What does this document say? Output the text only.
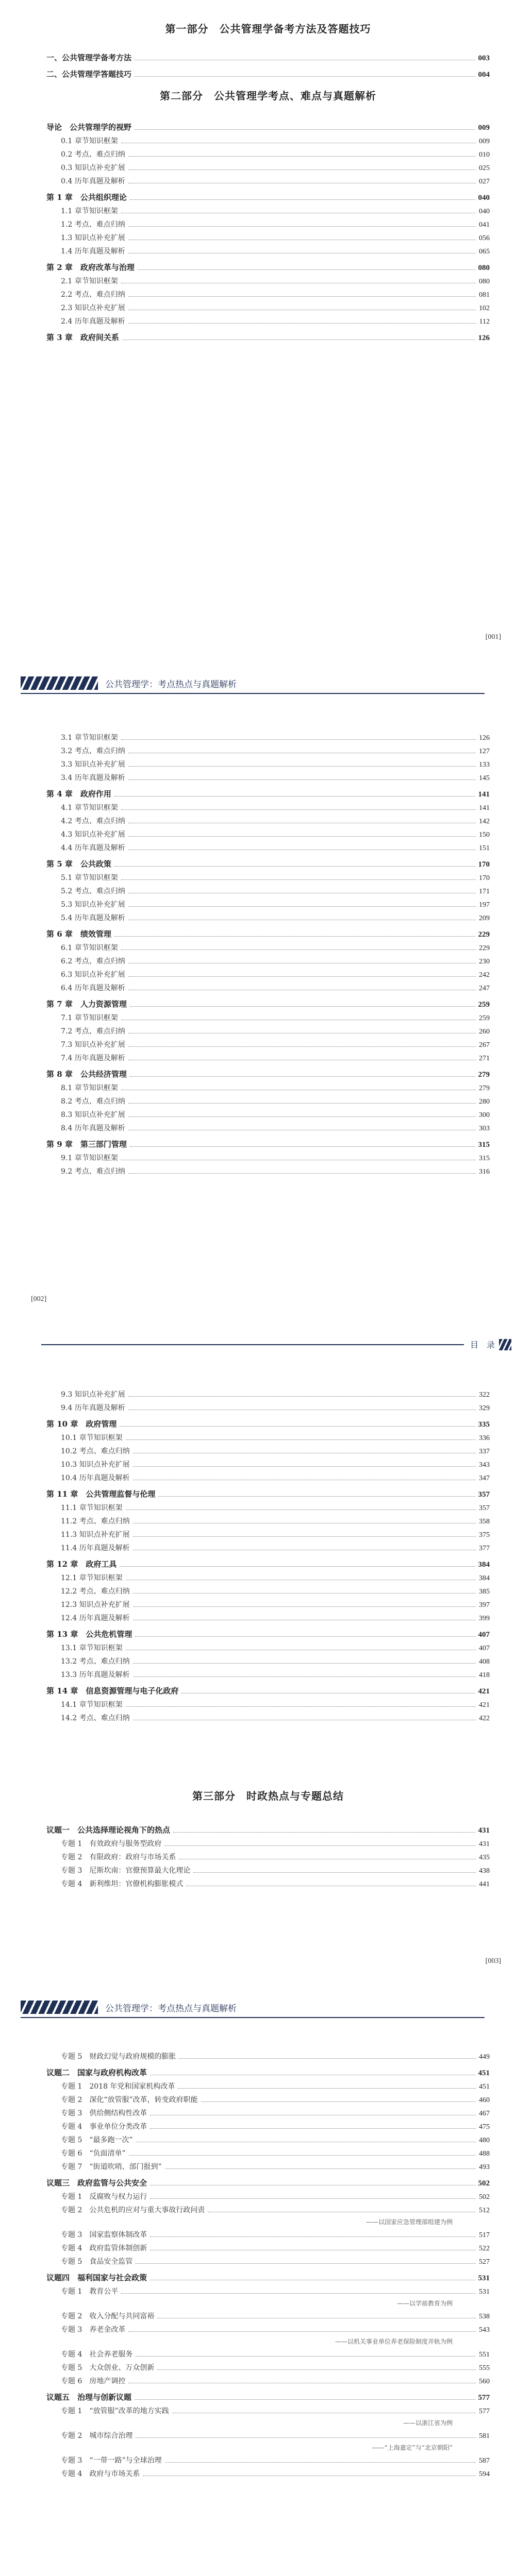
第一部分　公共管理学备考方法及答题技巧
一、公共管理学备考方法	003
二、公共管理学答题技巧	004
第二部分　公共管理学考点、难点与真题解析
导论　公共管理学的视野	009
0.1 章节知识框架	009
0.2 考点、难点归纳	010
0.3 知识点补充扩展	025
0.4 历年真题及解析	027
第 1 章　公共组织理论	040
1.1 章节知识框架	040
1.2 考点、难点归纳	041
1.3 知识点补充扩展	056
1.4 历年真题及解析	065
第 2 章　政府改革与治理	080
2.1 章节知识框架	080
2.2 考点、难点归纳	081
2.3 知识点补充扩展	102
2.4 历年真题及解析	112
第 3 章　政府间关系	126
[001]
公共管理学：考点热点与真题解析
3.1 章节知识框架	126
3.2 考点、难点归纳	127
3.3 知识点补充扩展	133
3.4 历年真题及解析	145
第 4 章　政府作用	141
4.1 章节知识框架	141
4.2 考点、难点归纳	142
4.3 知识点补充扩展	150
4.4 历年真题及解析	151
第 5 章　公共政策	170
5.1 章节知识框架	170
5.2 考点、难点归纳	171
5.3 知识点补充扩展	197
5.4 历年真题及解析	209
第 6 章　绩效管理	229
6.1 章节知识框架	229
6.2 考点、难点归纳	230
6.3 知识点补充扩展	242
6.4 历年真题及解析	247
第 7 章　人力资源管理	259
7.1 章节知识框架	259
7.2 考点、难点归纳	260
7.3 知识点补充扩展	267
7.4 历年真题及解析	271
第 8 章　公共经济管理	279
8.1 章节知识框架	279
8.2 考点、难点归纳	280
8.3 知识点补充扩展	300
8.4 历年真题及解析	303
第 9 章　第三部门管理	315
9.1 章节知识框架	315
9.2 考点、难点归纳	316
[002]
目　录
9.3 知识点补充扩展	322
9.4 历年真题及解析	329
第 10 章　政府管理	335
10.1 章节知识框架	336
10.2 考点、难点归纳	337
10.3 知识点补充扩展	343
10.4 历年真题及解析	347
第 11 章　公共管理监督与伦理	357
11.1 章节知识框架	357
11.2 考点、难点归纳	358
11.3 知识点补充扩展	375
11.4 历年真题及解析	377
第 12 章　政府工具	384
12.1 章节知识框架	384
12.2 考点、难点归纳	385
12.3 知识点补充扩展	397
12.4 历年真题及解析	399
第 13 章　公共危机管理	407
13.1 章节知识框架	407
13.2 考点、难点归纳	408
13.3 历年真题及解析	418
第 14 章　信息资源管理与电子化政府	421
14.1 章节知识框架	421
14.2 考点、难点归纳	422
第三部分　时政热点与专题总结
议题一　公共选择理论视角下的热点	431
专题 1　有效政府与服务型政府	431
专题 2　有限政府：政府与市场关系	435
专题 3　尼斯坎南：官僚预算最大化理论	438
专题 4　新利维坦：官僚机构膨胀模式	441
[003]
公共管理学：考点热点与真题解析
专题 5　财政幻觉与政府规模的膨胀	449
议题二　国家与政府机构改革	451
专题 1　2018 年党和国家机构改革	451
专题 2　深化“放管服”改革，转变政府职能	460
专题 3　供给侧结构性改革	467
专题 4　事业单位分类改革	475
专题 5　“最多跑一次”	480
专题 6　“负面清单”	488
专题 7　“街道吹哨、部门报到”	493
议题三　政府监管与公共安全	502
专题 1　反腐败与权力运行	502
专题 2　公共危机的应对与重大事故行政问责	512
——以国家应急管理部组建为例
专题 3　国家监察体制改革	517
专题 4　政府监管体制创新	522
专题 5　食品安全监管	527
议题四　福利国家与社会政策	531
专题 1　教育公平	531
——以学前教育为例
专题 2　收入分配与共同富裕	538
专题 3　养老金改革	543
——以机关事业单位养老保险制度并轨为例
专题 4　社会养老服务	551
专题 5　大众创业、万众创新	555
专题 6　房地产调控	560
议题五　治理与创新议题	577
专题 1　“放管服”改革的地方实践	577
——以浙江省为例
专题 2　城市综合治理	581
——“上海嘉定”与“北京朝阳”
专题 3　“一带一路”与全球治理	587
专题 4　政府与市场关系	594
